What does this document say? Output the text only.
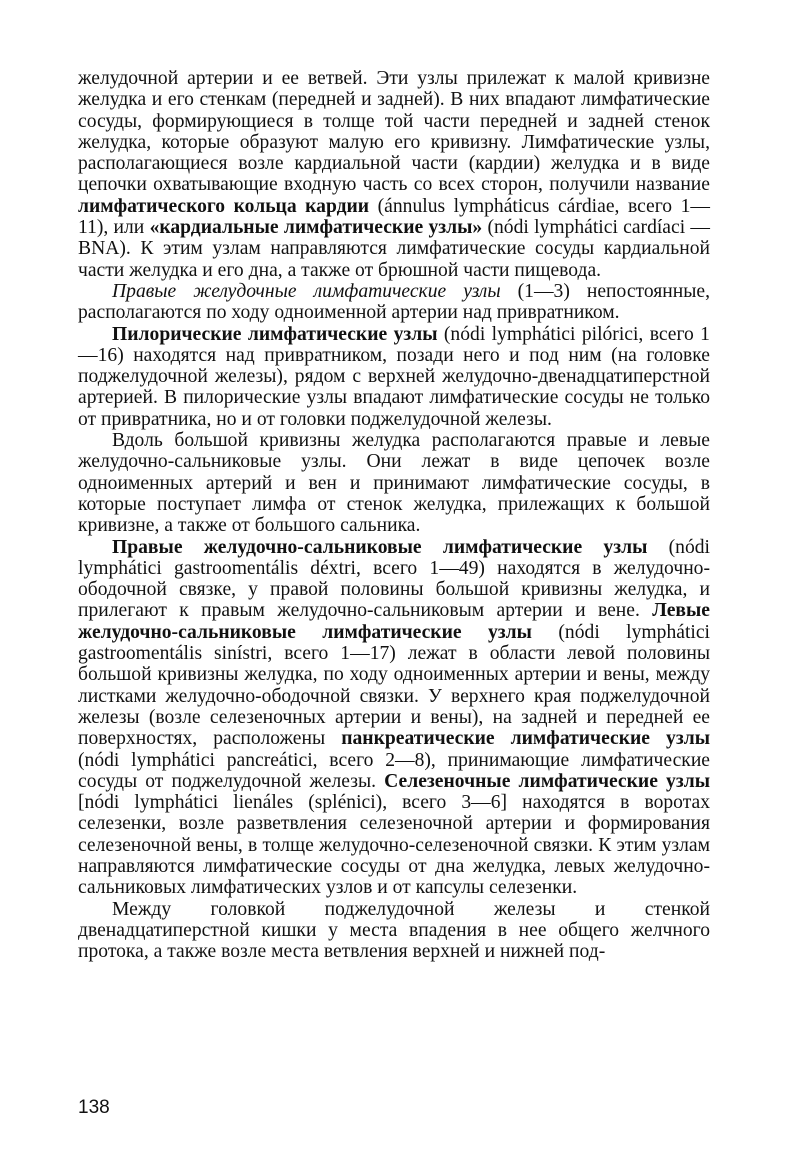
желудочной артерии и ее ветвей. Эти узлы прилежат к малой кривизне желудка и его стенкам (передней и задней). В них впадают лимфатические сосуды, формирующиеся в толще той части передней и задней стенок желудка, которые образуют малую его кривизну. Лимфатические узлы, располагающиеся возле кардиальной части (кардии) желудка и в виде цепочки охватывающие входную часть со всех сторон, получили название лимфатического кольца кардии (ánnulus lympháticus cárdiae, всего 1—11), или «кардиальные лимфатические узлы» (nódi lymphátici cardíaci — BNA). К этим узлам направляются лимфатические сосуды кардиальной части желудка и его дна, а также от брюшной части пищевода.

Правые желудочные лимфатические узлы (1—3) непостоянные, располагаются по ходу одноименной артерии над привратником.

Пилорические лимфатические узлы (nódi lymphátici pilórici, всего 1—16) находятся над привратником, позади него и под ним (на головке поджелудочной железы), рядом с верхней желудочно-двенадцатиперстной артерией. В пилорические узлы впадают лимфатические сосуды не только от привратника, но и от головки поджелудочной железы.

Вдоль большой кривизны желудка располагаются правые и левые желудочно-сальниковые узлы. Они лежат в виде цепочек возле одноименных артерий и вен и принимают лимфатические сосуды, в которые поступает лимфа от стенок желудка, прилежащих к большой кривизне, а также от большого сальника.

Правые желудочно-сальниковые лимфатические узлы (nódi lymphátici gastroomentális déxtri, всего 1—49) находятся в желудочно-ободочной связке, у правой половины большой кривизны желудка, и прилегают к правым желудочно-сальниковым артерии и вене. Левые желудочно-сальниковые лимфатические узлы (nódi lymphátici gastroomentális sinístri, всего 1—17) лежат в области левой половины большой кривизны желудка, по ходу одноименных артерии и вены, между листками желудочно-ободочной связки. У верхнего края поджелудочной железы (возле селезеночных артерии и вены), на задней и передней ее поверхностях, расположены панкреатические лимфатические узлы (nódi lymphátici pancreátici, всего 2—8), принимающие лимфатические сосуды от поджелудочной железы. Селезеночные лимфатические узлы [nódi lymphátici lienáles (splénici), всего 3—6] находятся в воротах селезенки, возле разветвления селезеночной артерии и формирования селезеночной вены, в толще желудочно-селезеночной связки. К этим узлам направляются лимфатические сосуды от дна желудка, левых желудочно-сальниковых лимфатических узлов и от капсулы селезенки.

Между головкой поджелудочной железы и стенкой двенадцатиперстной кишки у места впадения в нее общего желчного протока, а также возле места ветвления верхней и нижней под-

138
